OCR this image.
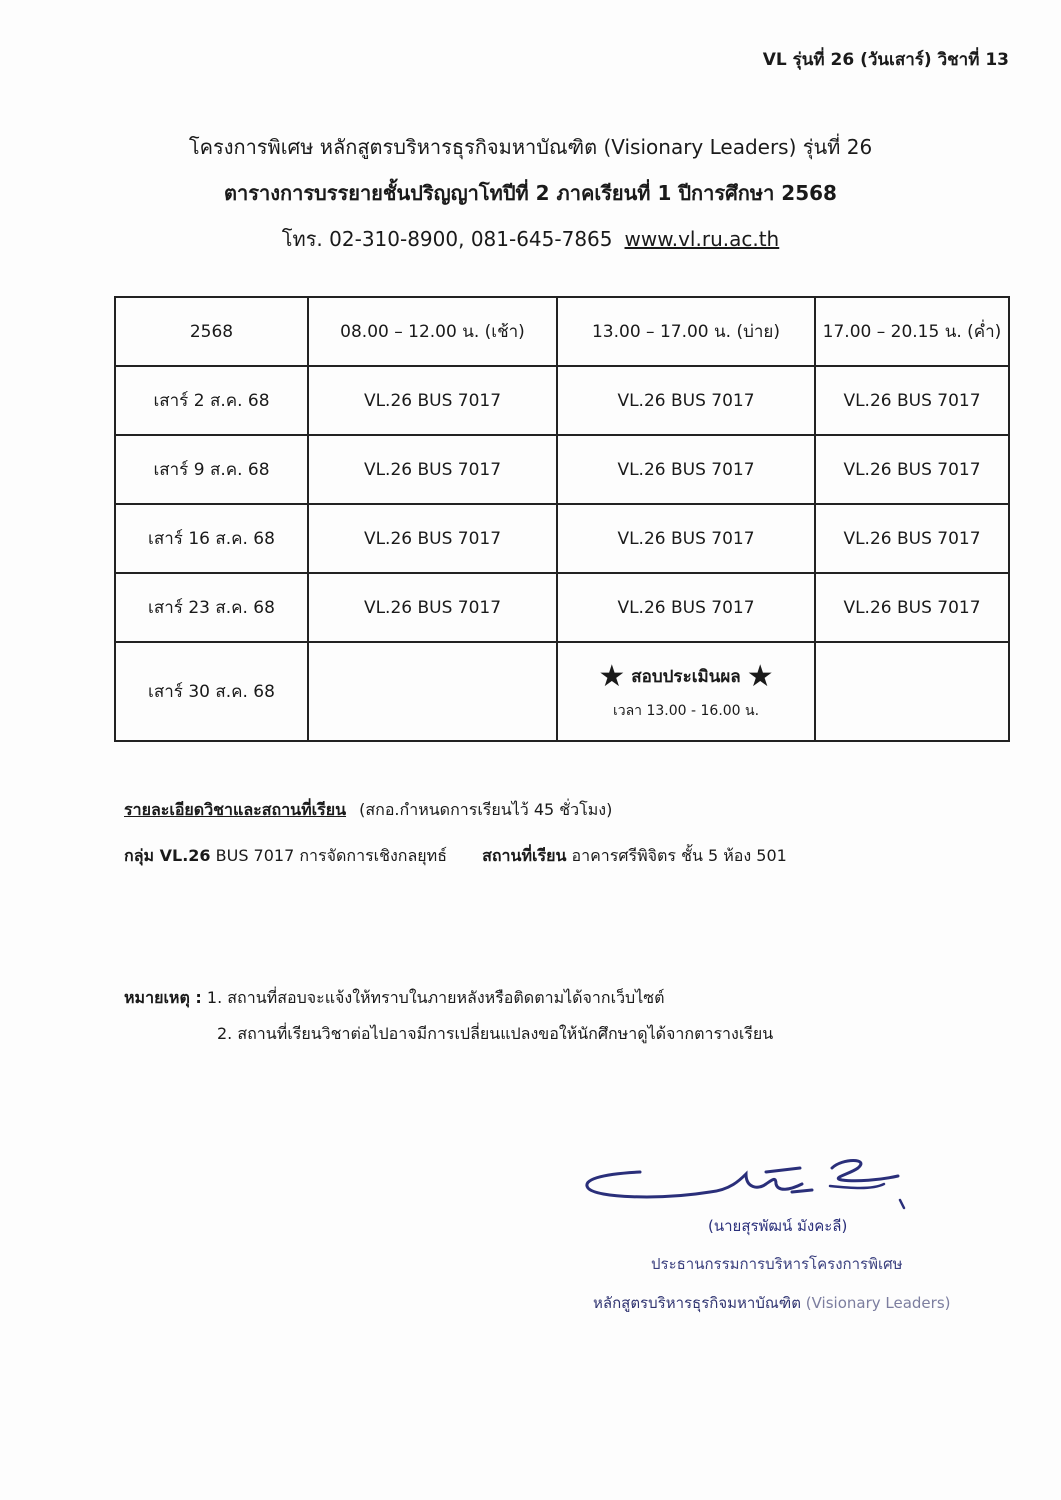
VL รุ่นที่ 26 (วันเสาร์) วิชาที่ 13
โครงการพิเศษ หลักสูตรบริหารธุรกิจมหาบัณฑิต (Visionary Leaders) รุ่นที่ 26
ตารางการบรรยายชั้นปริญญาโทปีที่ 2 ภาคเรียนที่ 1 ปีการศึกษา 2568
โทร. 02-310-8900, 081-645-7865 www.vl.ru.ac.th
2568	08.00 – 12.00 น. (เช้า)	13.00 – 17.00 น. (บ่าย)	17.00 – 20.15 น. (ค่ำ)
เสาร์ 2 ส.ค. 68	VL.26 BUS 7017	VL.26 BUS 7017	VL.26 BUS 7017
เสาร์ 9 ส.ค. 68	VL.26 BUS 7017	VL.26 BUS 7017	VL.26 BUS 7017
เสาร์ 16 ส.ค. 68	VL.26 BUS 7017	VL.26 BUS 7017	VL.26 BUS 7017
เสาร์ 23 ส.ค. 68	VL.26 BUS 7017	VL.26 BUS 7017	VL.26 BUS 7017
เสาร์ 30 ส.ค. 68		★ สอบประเมินผล ★
เวลา 13.00 - 16.00 น.	

รายละเอียดวิชาและสถานที่เรียน (สกอ.กำหนดการเรียนไว้ 45 ชั่วโมง)
กลุ่ม VL.26 BUS 7017 การจัดการเชิงกลยุทธ์ สถานที่เรียน อาคารศรีพิจิตร ชั้น 5 ห้อง 501
หมายเหตุ : 1. สถานที่สอบจะแจ้งให้ทราบในภายหลังหรือติดตามได้จากเว็บไซต์
2. สถานที่เรียนวิชาต่อไปอาจมีการเปลี่ยนแปลงขอให้นักศึกษาดูได้จากตารางเรียน
(นายสุรพัฒน์ มังคะลี)
ประธานกรรมการบริหารโครงการพิเศษ
หลักสูตรบริหารธุรกิจมหาบัณฑิต (Visionary Leaders)
